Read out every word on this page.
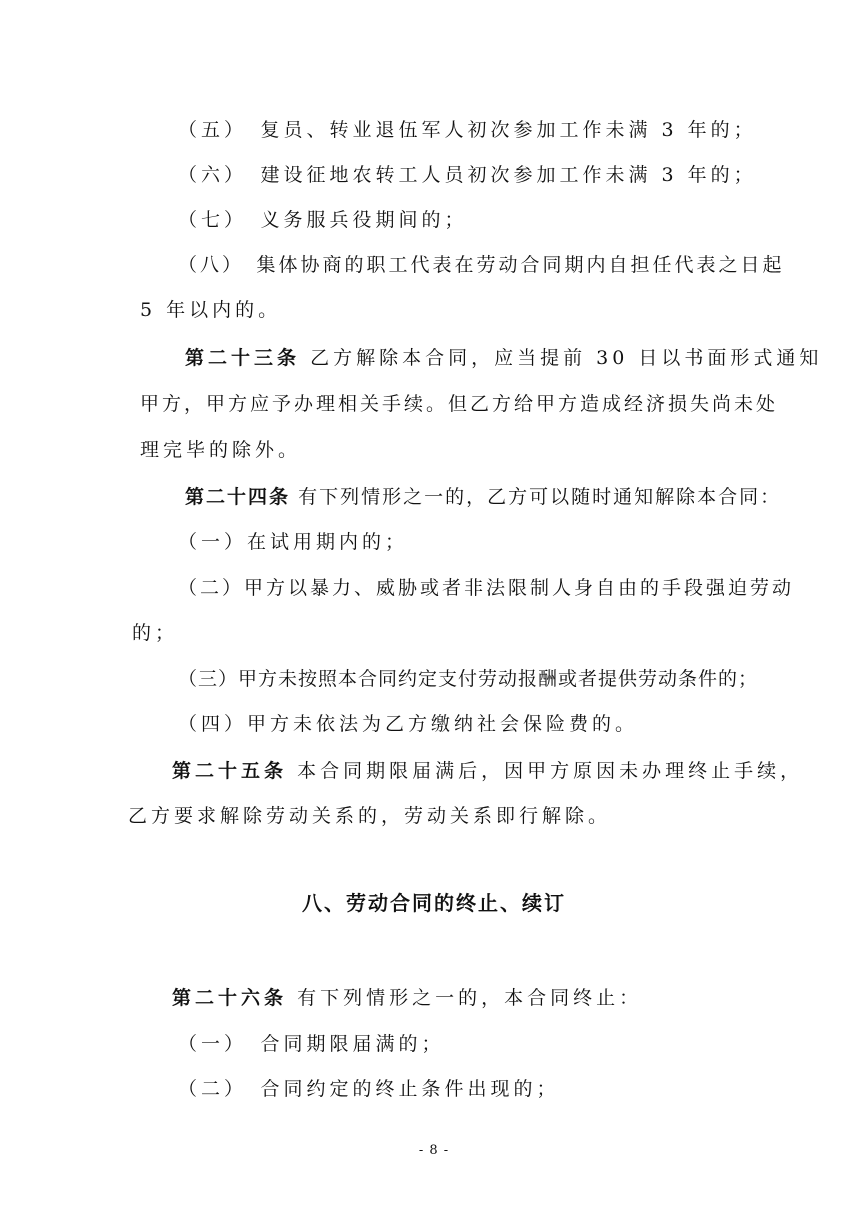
（五）　复员、转业退伍军人初次参加工作未满 3 年的；
（六）　建设征地农转工人员初次参加工作未满 3 年的；
（七）　义务服兵役期间的；
（八）　集体协商的职工代表在劳动合同期内自担任代表之日起
5 年以内的。
第二十三条 乙方解除本合同，应当提前 30 日以书面形式通知
甲方，甲方应予办理相关手续。但乙方给甲方造成经济损失尚未处
理完毕的除外。
第二十四条 有下列情形之一的，乙方可以随时通知解除本合同：
（一）在试用期内的；
（二）甲方以暴力、威胁或者非法限制人身自由的手段强迫劳动
的；
（三）甲方未按照本合同约定支付劳动报酬或者提供劳动条件的；
（四）甲方未依法为乙方缴纳社会保险费的。
第二十五条 本合同期限届满后，因甲方原因未办理终止手续，
乙方要求解除劳动关系的，劳动关系即行解除。
八、劳动合同的终止、续订
第二十六条 有下列情形之一的，本合同终止：
（一）　合同期限届满的；
（二）　合同约定的终止条件出现的；
- 8 -
